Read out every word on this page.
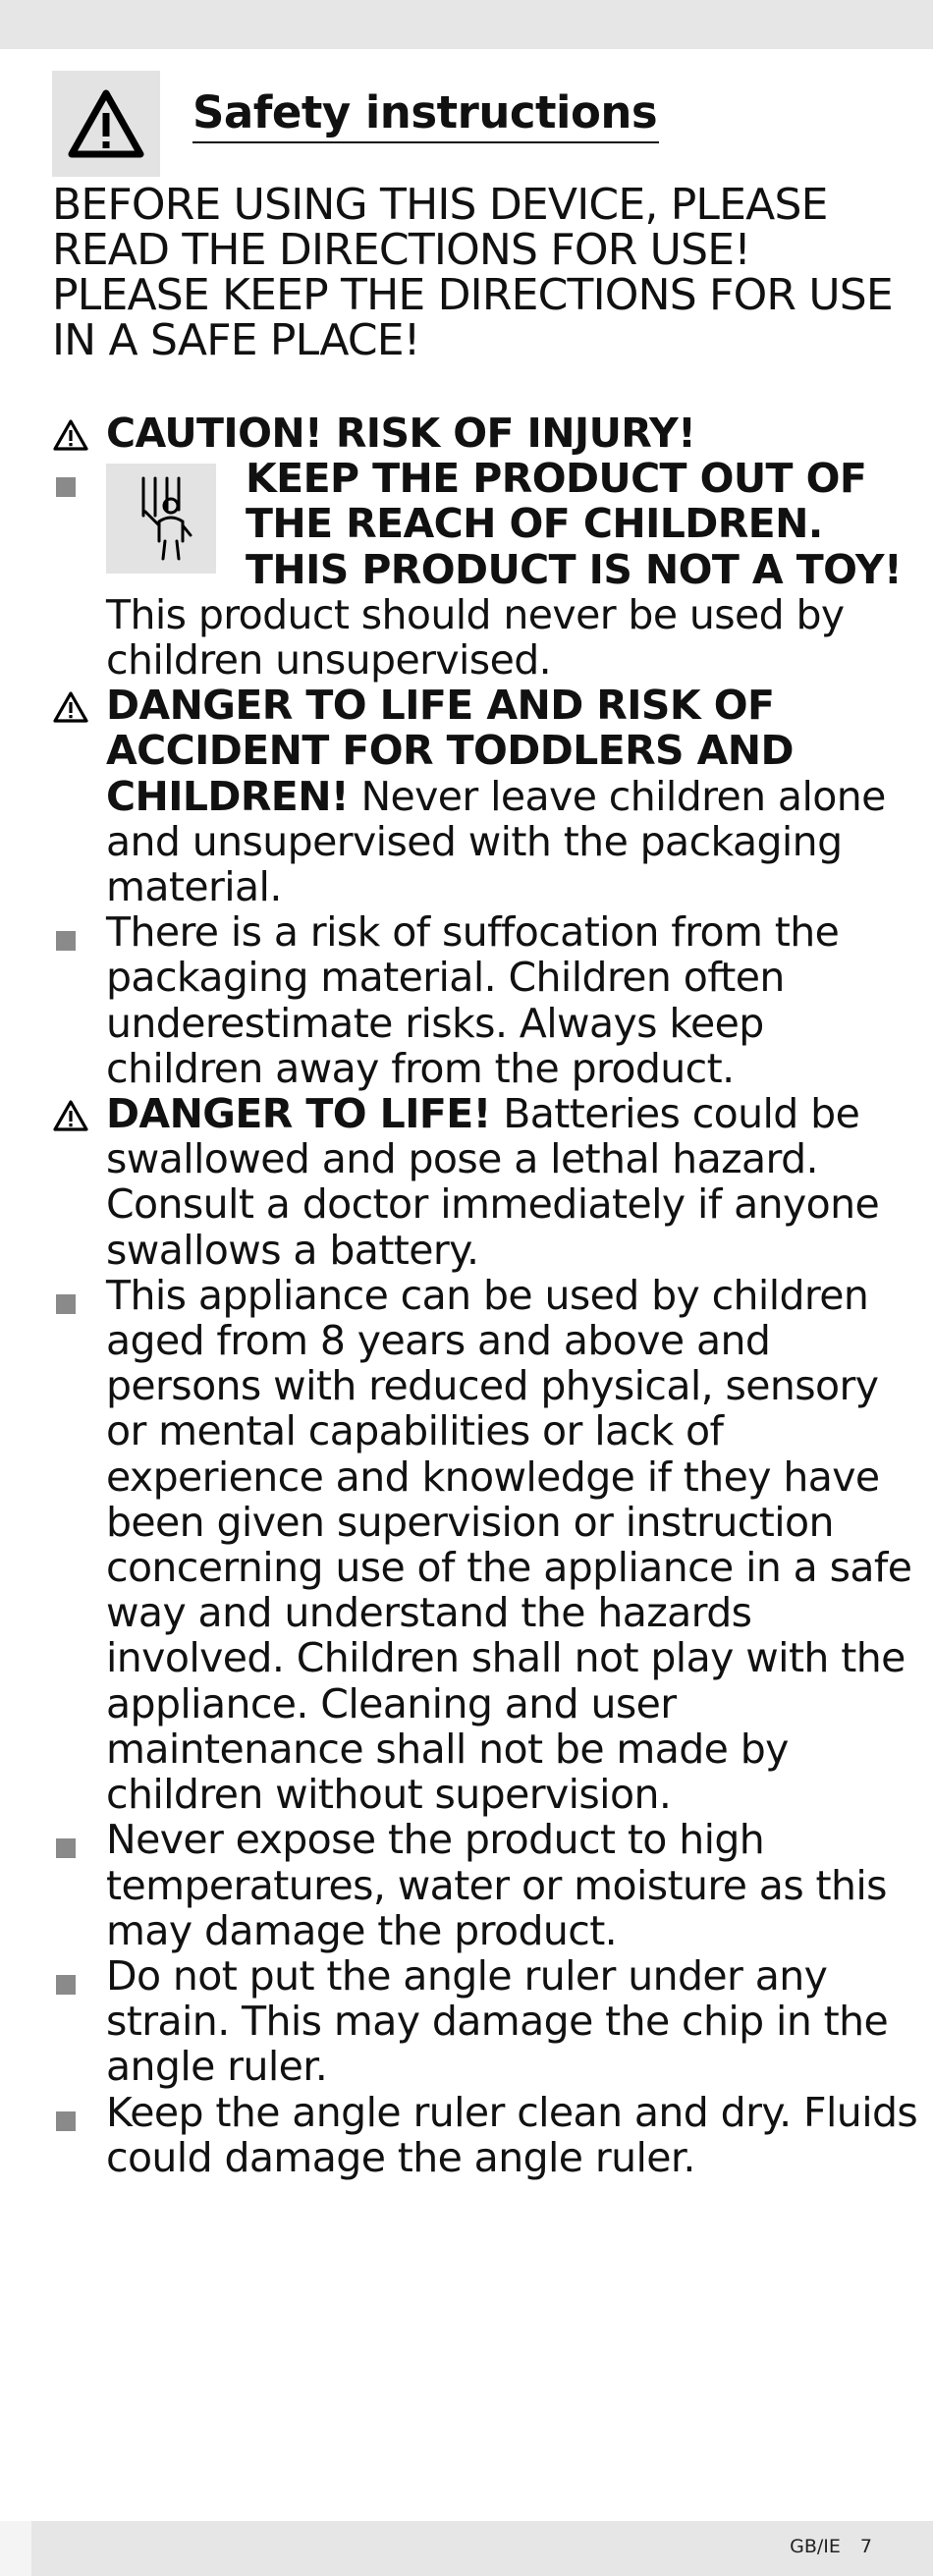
Safety instructions
BEFORE USING THIS DEVICE, PLEASE
READ THE DIRECTIONS FOR USE!
PLEASE KEEP THE DIRECTIONS FOR USE
IN A SAFE PLACE!
CAUTION! RISK OF INJURY!
KEEP THE PRODUCT OUT OF THE REACH OF CHILDREN. THIS PRODUCT IS NOT A TOY! This product should never be used by children unsupervised.
DANGER TO LIFE AND RISK OF ACCIDENT FOR TODDLERS AND CHILDREN! Never leave children alone and unsupervised with the packaging material.
There is a risk of suffocation from the packaging material. Children often underestimate risks. Always keep children away from the product.
DANGER TO LIFE! Batteries could be swallowed and pose a lethal hazard. Consult a doctor immediately if anyone swallows a battery.
This appliance can be used by children aged from 8 years and above and persons with reduced physical, sensory or mental capabilities or lack of experience and knowledge if they have been given supervision or instruction concerning use of the appliance in a safe way and understand the hazards involved. Children shall not play with the appliance. Cleaning and user maintenance shall not be made by children without supervision.
Never expose the product to high temperatures, water or moisture as this may damage the product.
Do not put the angle ruler under any strain. This may damage the chip in the angle ruler.
Keep the angle ruler clean and dry. Fluids could damage the angle ruler.
GB/IE 7
